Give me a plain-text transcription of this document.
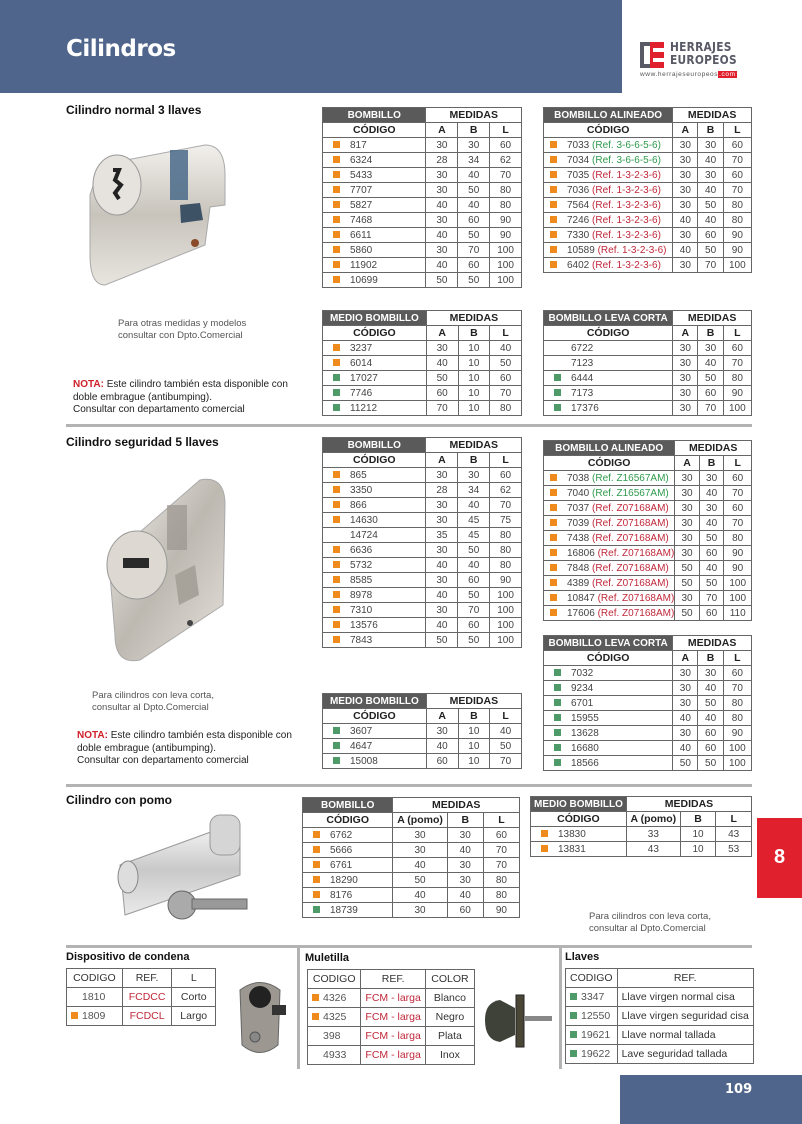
Cilindros	HERRAJES
EUROPEOS
www.herrajeseuropeos.com
Cilindro normal 3 llaves
Para otras medidas y modelos
consultar con Dpto.Comercial
NOTA: Este cilindro también esta disponible con
doble embrague (antibumping).
Consultar con departamento comercial
BOMBILLO	MEDIDAS		
CÓDIGO	A	B	L
817	30	30	60
6324	28	34	62
5433	30	40	70
7707	30	50	80
5827	40	40	80
7468	30	60	90
6611	40	50	90
5860	30	70	100
11902	40	60	100
10699	50	50	100
BOMBILLO ALINEADO	MEDIDAS		
CÓDIGO	A	B	L
7033 (Ref. 3-6-6-5-6)	30	30	60
7034 (Ref. 3-6-6-5-6)	30	40	70
7035 (Ref. 1-3-2-3-6)	30	30	60
7036 (Ref. 1-3-2-3-6)	30	40	70
7564 (Ref. 1-3-2-3-6)	30	50	80
7246 (Ref. 1-3-2-3-6)	40	40	80
7330 (Ref. 1-3-2-3-6)	30	60	90
10589 (Ref. 1-3-2-3-6)	40	50	90
6402 (Ref. 1-3-2-3-6)	30	70	100
MEDIO BOMBILLO	MEDIDAS		
CÓDIGO	A	B	L
3237	30	10	40
6014	40	10	50
17027	50	10	60
7746	60	10	70
11212	70	10	80
BOMBILLO LEVA CORTA	MEDIDAS		
CÓDIGO	A	B	L
6722	30	30	60
7123	30	40	70
6444	30	50	80
7173	30	60	90
17376	30	70	100
Cilindro seguridad 5 llaves
Para cilindros con leva corta,
consultar al Dpto.Comercial
NOTA: Este cilindro también esta disponible con
doble embrague (antibumping).
Consultar con departamento comercial
BOMBILLO	MEDIDAS		
CÓDIGO	A	B	L
865	30	30	60
3350	28	34	62
866	30	40	70
14630	30	45	75
14724	35	45	80
6636	30	50	80
5732	40	40	80
8585	30	60	90
8978	40	50	100
7310	30	70	100
13576	40	60	100
7843	50	50	100
BOMBILLO ALINEADO	MEDIDAS		
CÓDIGO	A	B	L
7038 (Ref. Z16567AM)	30	30	60
7040 (Ref. Z16567AM)	30	40	70
7037 (Ref. Z07168AM)	30	30	60
7039 (Ref. Z07168AM)	30	40	70
7438 (Ref. Z07168AM)	30	50	80
16806 (Ref. Z07168AM)	30	60	90
7848 (Ref. Z07168AM)	50	40	90
4389 (Ref. Z07168AM)	50	50	100
10847 (Ref. Z07168AM)	30	70	100
17606 (Ref. Z07168AM)	50	60	110
BOMBILLO LEVA CORTA	MEDIDAS		
CÓDIGO	A	B	L
7032	30	30	60
9234	30	40	70
6701	30	50	80
15955	40	40	80
13628	30	60	90
16680	40	60	100
18566	50	50	100
MEDIO BOMBILLO	MEDIDAS		
CÓDIGO	A	B	L
3607	30	10	40
4647	40	10	50
15008	60	10	70
Cilindro con pomo	BOMBILLO	MEDIDAS		
CÓDIGO	A (pomo)	B	L
6762	30	30	60
5666	30	40	70
6761	40	30	70
18290	50	30	80
8176	40	40	80
18739	30	60	90
MEDIO BOMBILLO	MEDIDAS		
CÓDIGO	A (pomo)	B	L
13830	33	10	43
13831	43	10	53
Para cilindros con leva corta,
consultar al Dpto.Comercial
8
Dispositivo de condena
CODIGO	REF.	L
1810	FCDCC	Corto
1809	FCDCL	Largo
Muletilla
CODIGO	REF.	COLOR
4326	FCM - larga	Blanco
4325	FCM - larga	Negro
398	FCM - larga	Plata
4933	FCM - larga	Inox
Llaves
CODIGO	REF.
3347	Llave virgen normal cisa
12550	Llave virgen seguridad cisa
19621	Llave normal tallada
19622	Lave seguridad tallada
109
